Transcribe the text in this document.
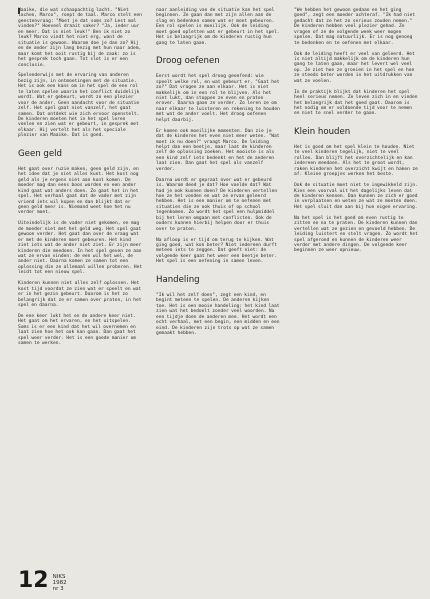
Maaike, die wat schaapachtig lacht. "Niet lachen, Marco", roept de taal. Marco stelt een geestenvraag: "Moet je dat soms zo? Lest mal vinden?" Hoeveel draait vaker? "Ja, ieder uur en meer. Dat is niet leuk!" Ben ik niet zo leuk? Marco vindt het niet erg, want de situatie is gewoon. Waarom doe je dan zo? Hij en de ander zijn lang bezig met hun naar adem, maar komt het ooit rustig bij de zaak: zo is het gesprek toch gaan. Tot slot is er een conclusie.

Spelenderwijs met de ervaring van anderen bezig zijn, in ontmoetingen met de situatie. Het is ook een kans om in het spel de ene rol te laten spelen waarin het conflict duidelijk wordt. Wat er gebeurt, wordt zo een plezier voor de ander. Geen aandacht voor de situatie zelf. Het spel gaat niet vanzelf, het gaat samen. Dat ontdekt wie zich ervoor openstelt. De kinderen moeten het in het spel leren voelen en zien wat er gebeurt, in gesprek met elkaar. Hij vertelt het als het speciale plezier van Maaike. Dat is goed.

Geen geld

Het gaat over ruzie maken, geen geld zijn, en het idee dat je niet alles kunt. Het kost nog geld als je ergens niet aan kunt komen. De moeder mag dan eens boos worden en een ander kind gaat wat anders doen. Zo gaat het in het spel. Het verhaal gaat dat de vader met zijn vriend iets wil kopen en dan blijkt dat er geen geld meer is. Niemand weet hoe het nu verder moet.

Uiteindelijk is de vader niet gekomen, en mag de moeder niet met het geld weg. Het spel gaat gewoon verder. Het gaat dan over de vraag wat er met de kinderen moet gebeuren. Het kind ziet iets wat de ander niet ziet. Er zijn meer kinderen die meedoen. In het spel geven ze aan wat ze ervan vinden: de een wil het wel, de ander niet. Daarna komen ze samen tot een oplossing die ze allemaal willen proberen. Het leidt tot een nieuw spel.

Kinderen kunnen niet alles zelf oplossen. Het kost tijd voordat ze zien wat er speelt en wat er in het gezin gebeurt. Daarom is het zo belangrijk dat ze er samen over praten, in het spel en daarna.

De ene keer lukt het en de andere keer niet. Het gaat om het ervaren, en het uitspelen. Soms is er een kind dat het wil overnemen en laat zien hoe het ook kan gaan. Dan gaat het spel weer verder. Het is een goede manier om samen te werken.

naar aanleiding van de situatie kan het spel beginnen. Ze gaan dan met zijn allen aan de slag en bedenken samen wat er moet gebeuren. Een rol spelen is moeilijk. Ook de leiding moet goed opletten wat er gebeurt in het spel. Het is belangrijk om de kinderen rustig hun gang te laten gaan.

Droog oefenen

Eerst wordt het spel droog geoefend: wie speelt welke rol, en wat gebeurt er. "Gaat het zo?" Dat vragen ze aan elkaar. Het is niet makkelijk om in een rol te blijven. Als het niet lukt, dan stoppen ze even en praten erover. Daarna gaan ze verder. Zo leren ze om naar elkaar te luisteren en rekening te houden met wat de ander voelt. Het droog oefenen helpt daarbij.

Er komen ook moeilijke momenten. Dan zie je dat de kinderen het even niet meer weten. "Wat moet ik nu doen?" vraagt Marco. De leiding helpt dan een beetje, maar laat de kinderen zelf de oplossing zoeken. Het mooiste is als een kind zelf iets bedenkt en het de anderen laat zien. Dan gaat het spel als vanzelf verder.

Daarna wordt er gepraat over wat er gebeurd is. Waarom deed je dat? Hoe voelde dat? Wat had je ook kunnen doen? De kinderen vertellen hoe ze het vonden en wat ze ervan geleerd hebben. Het is een manier om te oefenen met situaties die ze ook thuis of op school tegenkomen. Zo wordt het spel een hulpmiddel bij het leren omgaan met conflicten. Ook de ouders kunnen hierbij helpen door er thuis over te praten.

Na afloop is er tijd om terug te kijken. Wat ging goed, wat kon beter? Niet iedereen durft meteen iets te zeggen. Dat geeft niet: de volgende keer gaat het weer een beetje beter. Het spel is een oefening in samen leven.

Handeling

"Ik wil het zelf doen", zegt een kind, en begint meteen te spelen. De anderen kijken toe. Het is een mooie handeling: het kind laat zien wat het bedoelt zonder veel woorden. Na een tijdje doen de anderen mee. Het wordt een echt verhaal, met een begin, een midden en een eind. De kinderen zijn trots op wat ze samen gemaakt hebben.

"We hebben het gewoon gedaan en het ging goed", zegt een moeder achteraf. "Ik had niet gedacht dat ze het zo serieus zouden nemen." De kinderen hebben veel plezier gehad. Ze vragen of ze de volgende week weer mogen spelen. Dat mag natuurlijk. Er is nog genoeg te bedenken en te oefenen met elkaar.

Ook de leiding heeft er veel van geleerd. Het is niet altijd makkelijk om de kinderen hun gang te laten gaan, maar het levert wel veel op. Je ziet hoe ze groeien in het spel en hoe ze steeds beter worden in het uitdrukken van wat ze voelen.

In de praktijk blijkt dat kinderen het spel heel serieus nemen. Ze leven zich in en vinden het belangrijk dat het goed gaat. Daarom is het nodig om er voldoende tijd voor te nemen en niet te snel verder te gaan.

Klein houden

Het is goed om het spel klein te houden. Niet te veel kinderen tegelijk, niet te veel rollen. Dan blijft het overzichtelijk en kan iedereen meedoen. Als het te groot wordt, raken kinderen het overzicht kwijt en haken ze af. Kleine groepjes werken het beste.

Ook de situatie moet niet te ingewikkeld zijn. Kies een voorval uit het dagelijks leven dat de kinderen kennen. Dan kunnen ze zich er goed in verplaatsen en weten ze wat ze moeten doen. Het spel sluit dan aan bij hun eigen ervaring.

Na het spel is het goed om even rustig te zitten en na te praten. De kinderen kunnen dan vertellen wat ze gezien en gevoeld hebben. De leiding luistert en stelt vragen. Zo wordt het spel afgerond en kunnen de kinderen weer verder met andere dingen. De volgende keer beginnen ze weer opnieuw.

12 NIKS
1982
nr 3
